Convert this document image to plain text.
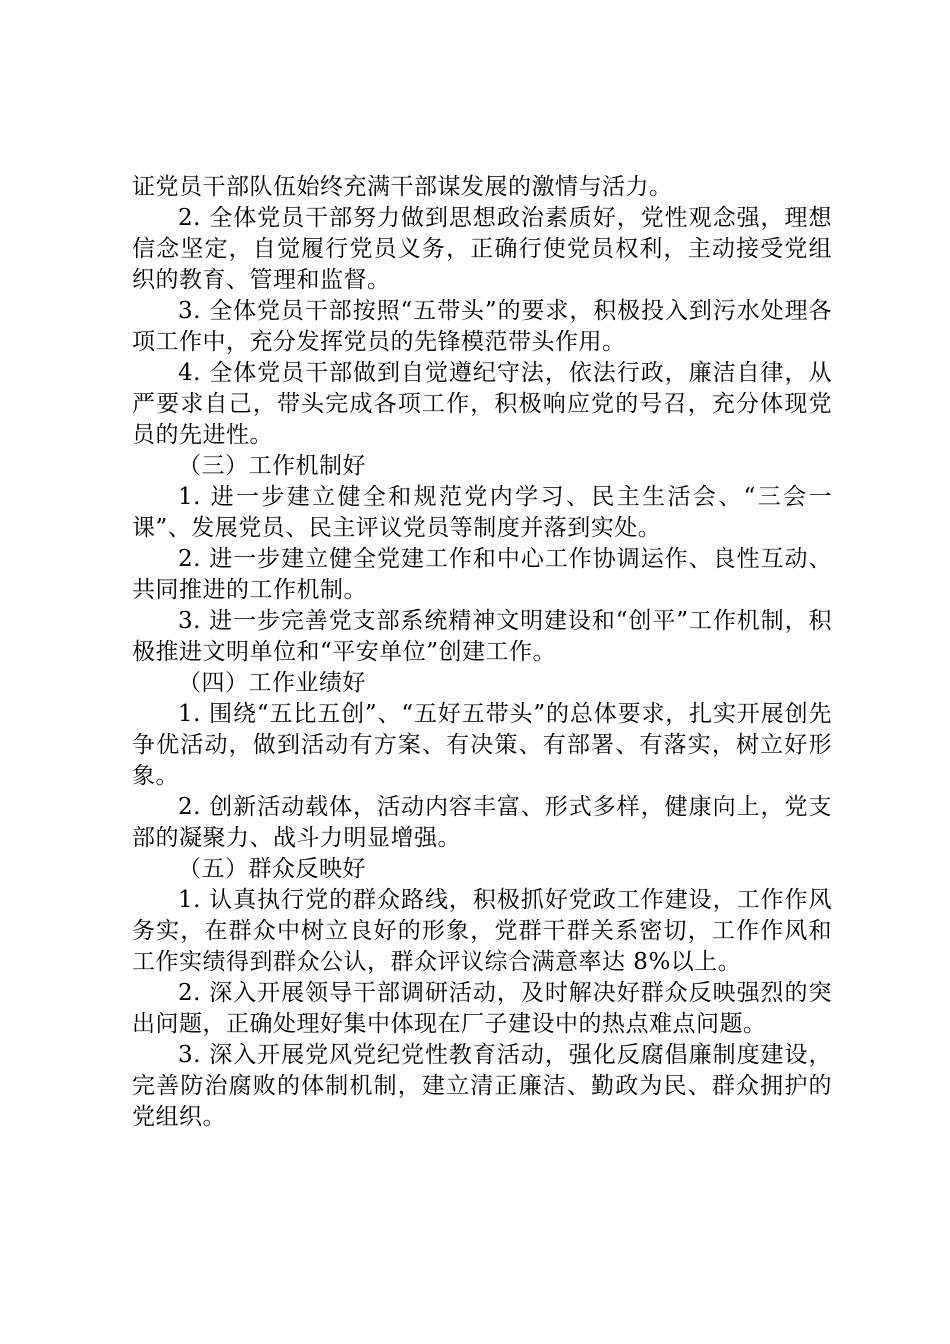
证党员干部队伍始终充满干部谋发展的激情与活力。

2. 全体党员干部努力做到思想政治素质好，党性观念强，理想信念坚定，自觉履行党员义务，正确行使党员权利，主动接受党组织的教育、管理和监督。

3. 全体党员干部按照“五带头”的要求，积极投入到污水处理各项工作中，充分发挥党员的先锋模范带头作用。

4. 全体党员干部做到自觉遵纪守法，依法行政，廉洁自律，从严要求自己，带头完成各项工作，积极响应党的号召，充分体现党员的先进性。

（三）工作机制好

1. 进一步建立健全和规范党内学习、民主生活会、“三会一课”、发展党员、民主评议党员等制度并落到实处。

2. 进一步建立健全党建工作和中心工作协调运作、良性互动、共同推进的工作机制。

3. 进一步完善党支部系统精神文明建设和“创平”工作机制，积极推进文明单位和“平安单位”创建工作。

（四）工作业绩好

1. 围绕“五比五创”、“五好五带头”的总体要求，扎实开展创先争优活动，做到活动有方案、有决策、有部署、有落实，树立好形象。

2. 创新活动载体，活动内容丰富、形式多样，健康向上，党支部的凝聚力、战斗力明显增强。

（五）群众反映好

1. 认真执行党的群众路线，积极抓好党政工作建设，工作作风务实，在群众中树立良好的形象，党群干群关系密切，工作作风和工作实绩得到群众公认，群众评议综合满意率达 8%以上。

2. 深入开展领导干部调研活动，及时解决好群众反映强烈的突出问题，正确处理好集中体现在厂子建设中的热点难点问题。

3. 深入开展党风党纪党性教育活动，强化反腐倡廉制度建设，完善防治腐败的体制机制，建立清正廉洁、勤政为民、群众拥护的党组织。
